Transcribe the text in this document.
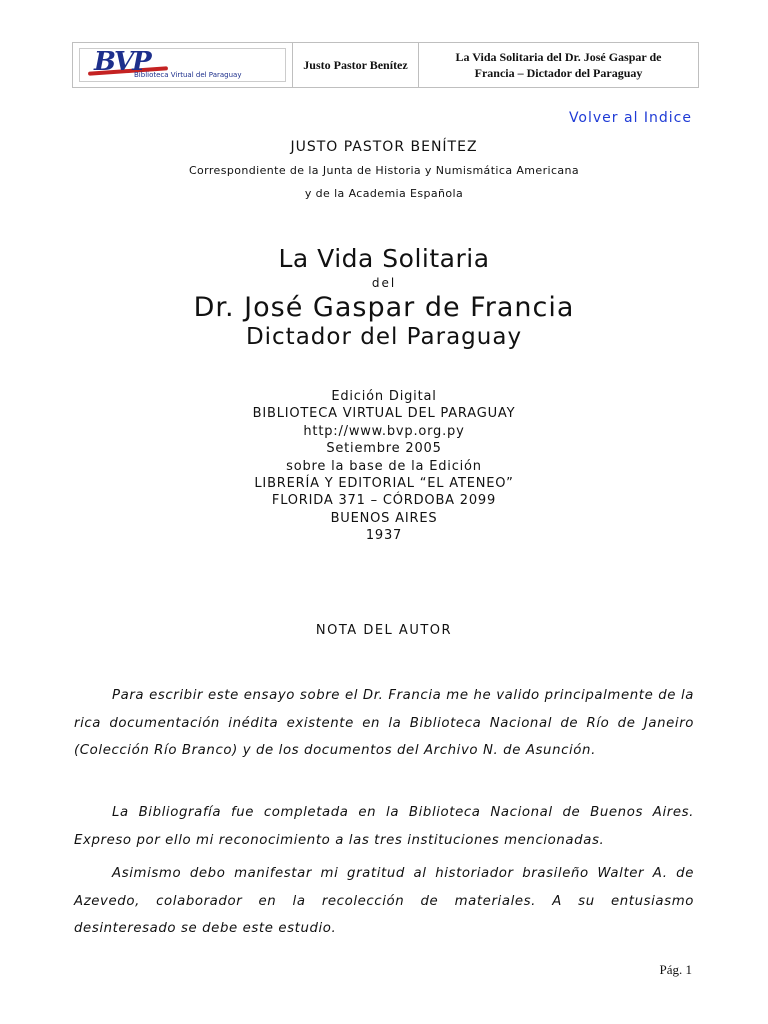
BVP
Biblioteca Virtual del Paraguay
Justo Pastor Benítez
La Vida Solitaria del Dr. José Gaspar de
Francia – Dictador del Paraguay
Volver al Indice
JUSTO PASTOR BENÍTEZ
Correspondiente de la Junta de Historia y Numismática Americana
y de la Academia Española
La Vida Solitaria
del
Dr. José Gaspar de Francia
Dictador del Paraguay
Edición Digital
BIBLIOTECA VIRTUAL DEL PARAGUAY
http://www.bvp.org.py
Setiembre 2005
sobre la base de la Edición
LIBRERÍA Y EDITORIAL “EL ATENEO”
FLORIDA 371 – CÓRDOBA 2099
BUENOS AIRES
1937
NOTA DEL AUTOR

Para escribir este ensayo sobre el Dr. Francia me he valido principalmente de la rica documentación inédita existente en la Biblioteca Nacional de Río de Janeiro (Colección Río Branco) y de los documentos del Archivo N. de Asunción.

La Bibliografía fue completada en la Biblioteca Nacional de Buenos Aires. Expreso por ello mi reconocimiento a las tres instituciones mencionadas.

Asimismo debo manifestar mi gratitud al historiador brasileño Walter A. de Azevedo, colaborador en la recolección de materiales. A su entusiasmo desinteresado se debe este estudio.

Pág. 1
